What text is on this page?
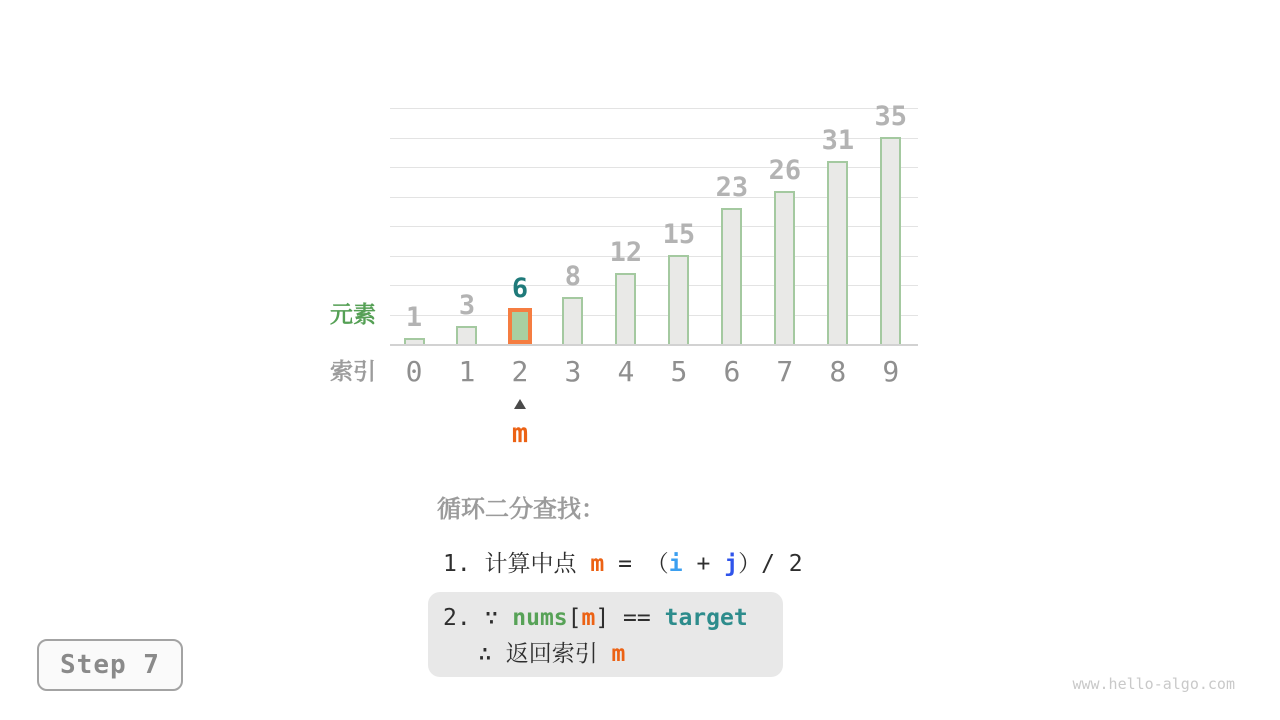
1 3
6 8
12
15
23
26
31
35
元素
索引
m
循环二分查找：
1. 计算中点 m = （i + j）/ 2
2. ∵ nums[m] == target
∴ 返回索引 m
Step 7
www.hello-algo.com
0 1 2 3 4 5 6 7 8 9
